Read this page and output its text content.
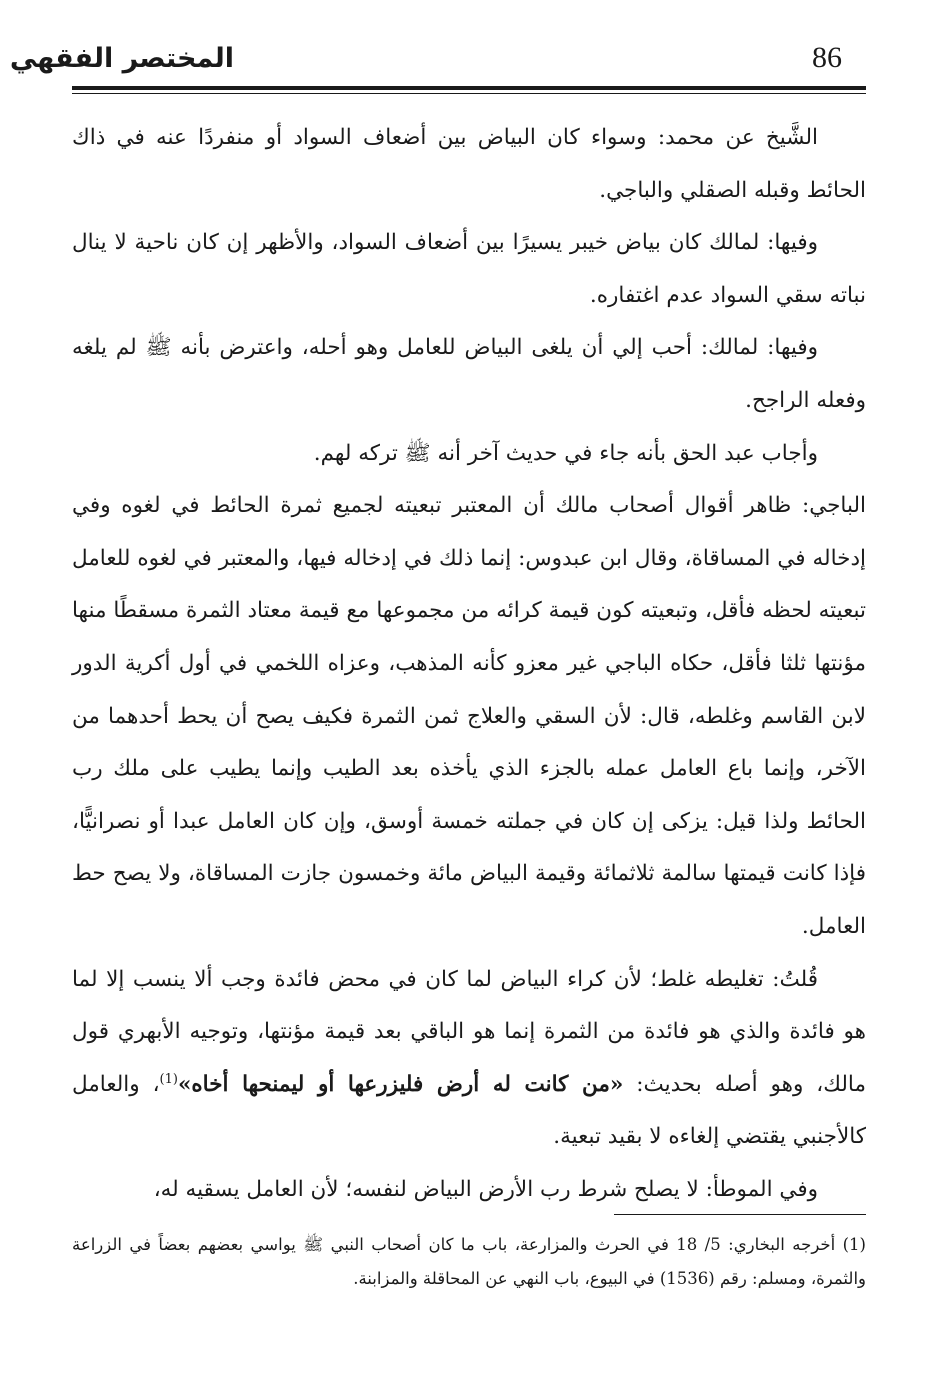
86
المختصر الفقهي

الشَّيخ عن محمد: وسواء كان البياض بين أضعاف السواد أو منفردًا عنه في ذاك الحائط وقبله الصقلي والباجي.

وفيها: لمالك كان بياض خيبر يسيرًا بين أضعاف السواد، والأظهر إن كان ناحية لا ينال نباته سقي السواد عدم اغتفاره.

وفيها: لمالك: أحب إلي أن يلغى البياض للعامل وهو أحله، واعترض بأنه ﷺ لم يلغه وفعله الراجح.

وأجاب عبد الحق بأنه جاء في حديث آخر أنه ﷺ تركه لهم.

الباجي: ظاهر أقوال أصحاب مالك أن المعتبر تبعيته لجميع ثمرة الحائط في لغوه وفي إدخاله في المساقاة، وقال ابن عبدوس: إنما ذلك في إدخاله فيها، والمعتبر في لغوه للعامل تبعيته لحظه فأقل، وتبعيته كون قيمة كرائه من مجموعها مع قيمة معتاد الثمرة مسقطًا منها مؤنتها ثلثا فأقل، حكاه الباجي غير معزو كأنه المذهب، وعزاه اللخمي في أول أكرية الدور لابن القاسم وغلطه، قال: لأن السقي والعلاج ثمن الثمرة فكيف يصح أن يحط أحدهما من الآخر، وإنما باع العامل عمله بالجزء الذي يأخذه بعد الطيب وإنما يطيب على ملك رب الحائط ولذا قيل: يزكى إن كان في جملته خمسة أوسق، وإن كان العامل عبدا أو نصرانيًّا، فإذا كانت قيمتها سالمة ثلاثمائة وقيمة البياض مائة وخمسون جازت المساقاة، ولا يصح حط العامل.

قُلتُ: تغليطه غلط؛ لأن كراء البياض لما كان في محض فائدة وجب ألا ينسب إلا لما هو فائدة والذي هو فائدة من الثمرة إنما هو الباقي بعد قيمة مؤنتها، وتوجيه الأبهري قول مالك، وهو أصله بحديث: «من كانت له أرض فليزرعها أو ليمنحها أخاه»$^{(1)}$، والعامل كالأجنبي يقتضي إلغاءه لا بقيد تبعية.

وفي الموطأ: لا يصلح شرط رب الأرض البياض لنفسه؛ لأن العامل يسقيه له،

(1) أخرجه البخاري: 5/ 18 في الحرث والمزارعة، باب ما كان أصحاب النبي ﷺ يواسي بعضهم بعضاً في الزراعة والثمرة، ومسلم: رقم (1536) في البيوع، باب النهي عن المحاقلة والمزابنة.
